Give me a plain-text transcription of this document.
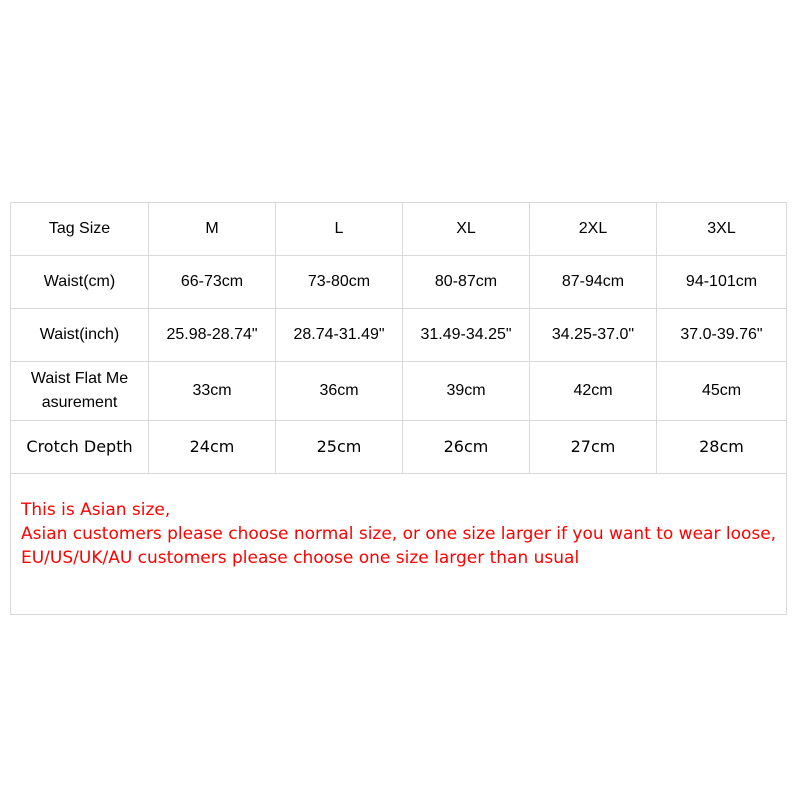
Tag Size	M	L	XL	2XL	3XL
Waist(cm)	66-73cm	73-80cm	80-87cm	87-94cm	94-101cm
Waist(inch)	25.98-28.74"	28.74-31.49"	31.49-34.25"	34.25-37.0"	37.0-39.76"

Waist Flat Me
asurement	33cm	36cm	39cm	42cm	45cm
Crotch Depth	24cm	25cm	26cm	27cm	28cm

This is Asian size,
Asian customers please choose normal size, or one size larger if you want to wear loose,
EU/US/UK/AU customers please choose one size larger than usual					
